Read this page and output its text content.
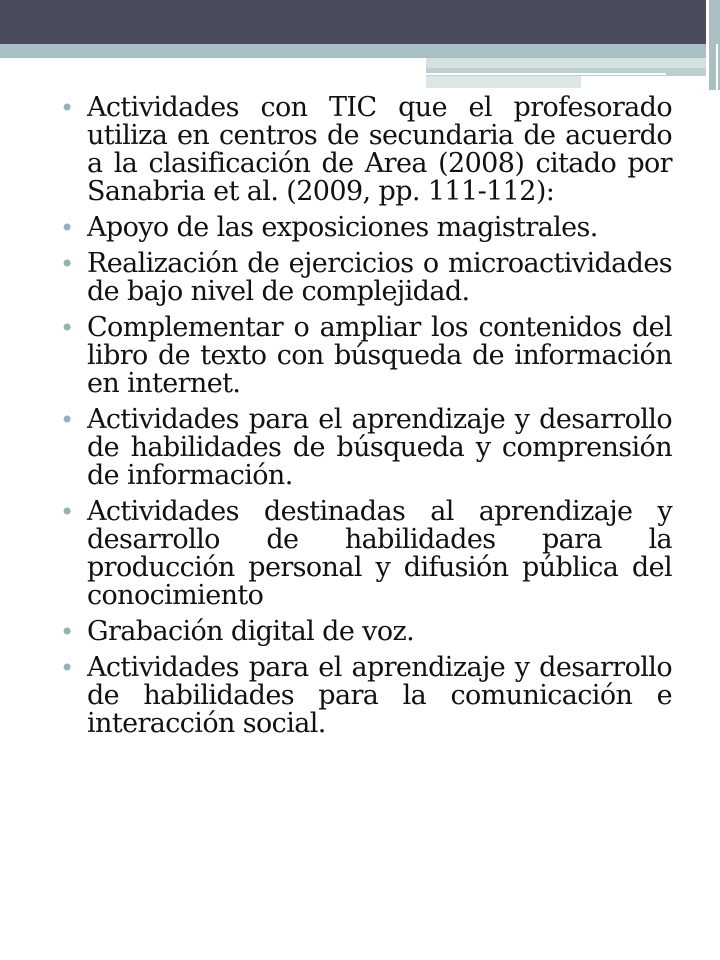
• Actividades con TIC que el profesorado utiliza en centros de secundaria de acuerdo a la clasificación de Area (2008) citado por Sanabria et al. (2009, pp. 111-112):
• Apoyo de las exposiciones magistrales.
• Realización de ejercicios o microactividades de bajo nivel de complejidad.
• Complementar o ampliar los contenidos del libro de texto con búsqueda de información en internet.
• Actividades para el aprendizaje y desarrollo de habilidades de búsqueda y comprensión de información.
• Actividades destinadas al aprendizaje y desarrollo de habilidades para la producción personal y difusión pública del conocimiento
• Grabación digital de voz.
• Actividades para el aprendizaje y desarrollo de habilidades para la comunicación e interacción social.
